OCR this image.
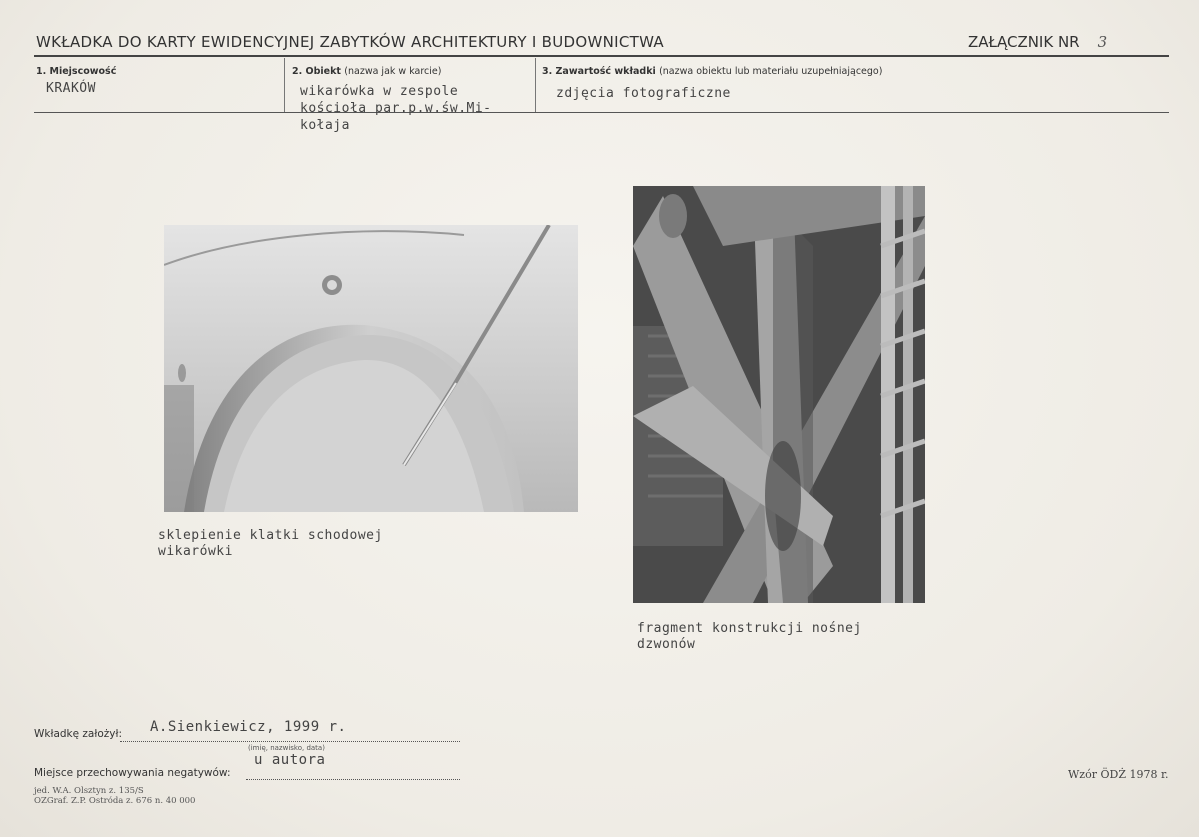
WKŁADKA DO KARTY EWIDENCYJNEJ ZABYTKÓW ARCHITEKTURY I BUDOWNICTWA	ZAŁĄCZNIK NR 3
1. Miejscowość
KRAKÓW
2. Obiekt (nazwa jak w karcie)
wikarówka w zespole
kościoła par.p.w.św.Mi-
kołaja
3. Zawartość wkładki (nazwa obiektu lub materiału uzupełniającego)
zdjęcia fotograficzne
sklepienie klatki schodowej
wikarówki
fragment konstrukcji nośnej
dzwonów
Wkładkę założył: A.Sienkiewicz, 1999 r.
(imię, nazwisko, data)
Miejsce przechowywania negatywów:
u autora
jed. W.A. Olsztyn z. 135/S
OZGraf. Z.P. Ostróda z. 676 n. 40 000
Wzór ÖDŻ 1978 r.
